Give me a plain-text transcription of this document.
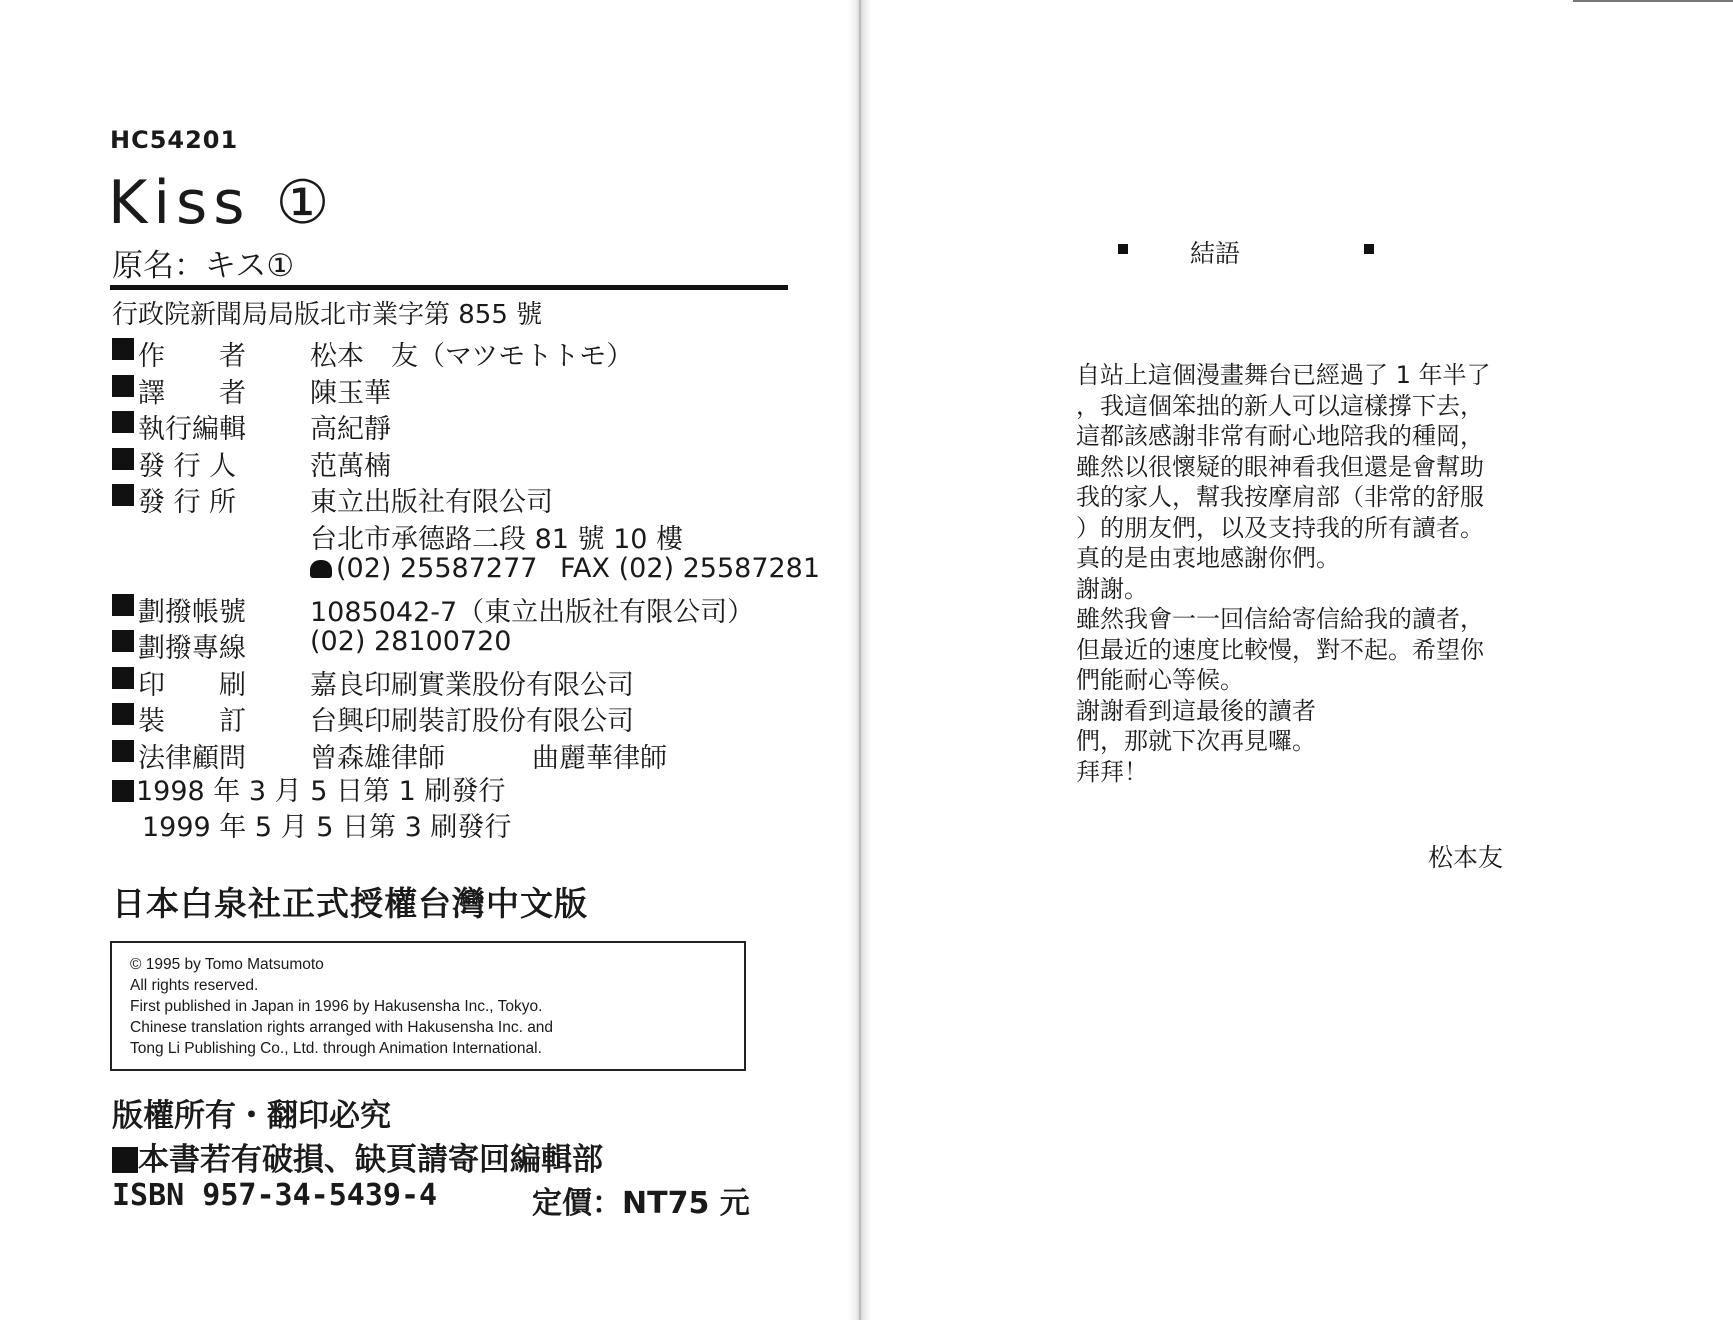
HC54201
Kiss ①
原名：キス①
行政院新聞局局版北市業字第 855 號
作　　者	松本　友（マツモトトモ）
譯　　者	陳玉華
執行編輯	高紀靜
發 行 人	范萬楠
發 行 所	東立出版社有限公司
台北市承德路二段 81 號 10 樓
(02) 25587277 FAX (02) 25587281
劃撥帳號	1085042-7（東立出版社有限公司）
劃撥專線	(02) 28100720
印　　刷	嘉良印刷實業股份有限公司
裝　　訂	台興印刷裝訂股份有限公司
法律顧問	曾森雄律師	曲麗華律師
1998 年 3 月 5 日第 1 刷發行
1999 年 5 月 5 日第 3 刷發行
日本白泉社正式授權台灣中文版
© 1995 by Tomo Matsumoto
All rights reserved.
First published in Japan in 1996 by Hakusensha Inc., Tokyo.
Chinese translation rights arranged with Hakusensha Inc. and
Tong Li Publishing Co., Ltd. through Animation International.
版權所有・翻印必究
本書若有破損、缺頁請寄回編輯部
ISBN 957-34-5439-4	定價：NT75 元
結語
自站上這個漫畫舞台已經過了 1 年半了
，我這個笨拙的新人可以這樣撐下去，
這都該感謝非常有耐心地陪我的種岡，
雖然以很懷疑的眼神看我但還是會幫助
我的家人，幫我按摩肩部（非常的舒服
）的朋友們，以及支持我的所有讀者。
真的是由衷地感謝你們。
謝謝。
雖然我會一一回信給寄信給我的讀者，
但最近的速度比較慢，對不起。希望你
們能耐心等候。
謝謝看到這最後的讀者
們，那就下次再見囉。
拜拜！
松本友
